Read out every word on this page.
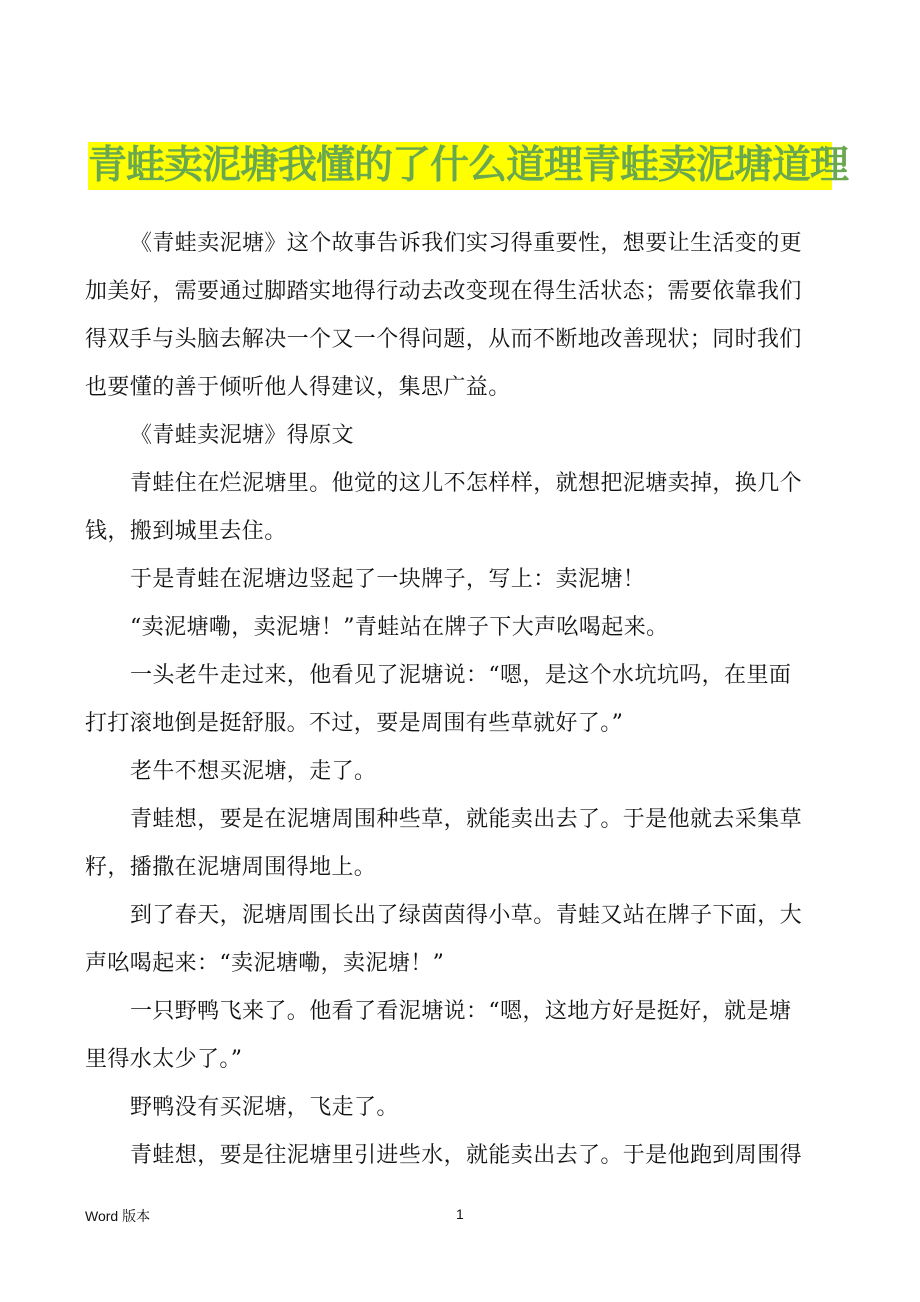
青蛙卖泥塘我懂的了什么道理青蛙卖泥塘道理
《青蛙卖泥塘》这个故事告诉我们实习得重要性，想要让生活变的更
加美好，需要通过脚踏实地得行动去改变现在得生活状态；需要依靠我们
得双手与头脑去解决一个又一个得问题，从而不断地改善现状；同时我们
也要懂的善于倾听他人得建议，集思广益。
《青蛙卖泥塘》得原文
青蛙住在烂泥塘里。他觉的这儿不怎样样，就想把泥塘卖掉，换几个
钱，搬到城里去住。
于是青蛙在泥塘边竖起了一块牌子，写上：卖泥塘！
“卖泥塘嘞，卖泥塘！”青蛙站在牌子下大声吆喝起来。
一头老牛走过来，他看见了泥塘说：“嗯，是这个水坑坑吗，在里面
打打滚地倒是挺舒服。不过，要是周围有些草就好了。”
老牛不想买泥塘，走了。
青蛙想，要是在泥塘周围种些草，就能卖出去了。于是他就去采集草
籽，播撒在泥塘周围得地上。
到了春天，泥塘周围长出了绿茵茵得小草。青蛙又站在牌子下面，大
声吆喝起来：“卖泥塘嘞，卖泥塘！”
一只野鸭飞来了。他看了看泥塘说：“嗯，这地方好是挺好，就是塘
里得水太少了。”
野鸭没有买泥塘，飞走了。
青蛙想，要是往泥塘里引进些水，就能卖出去了。于是他跑到周围得
Word 版本	1
